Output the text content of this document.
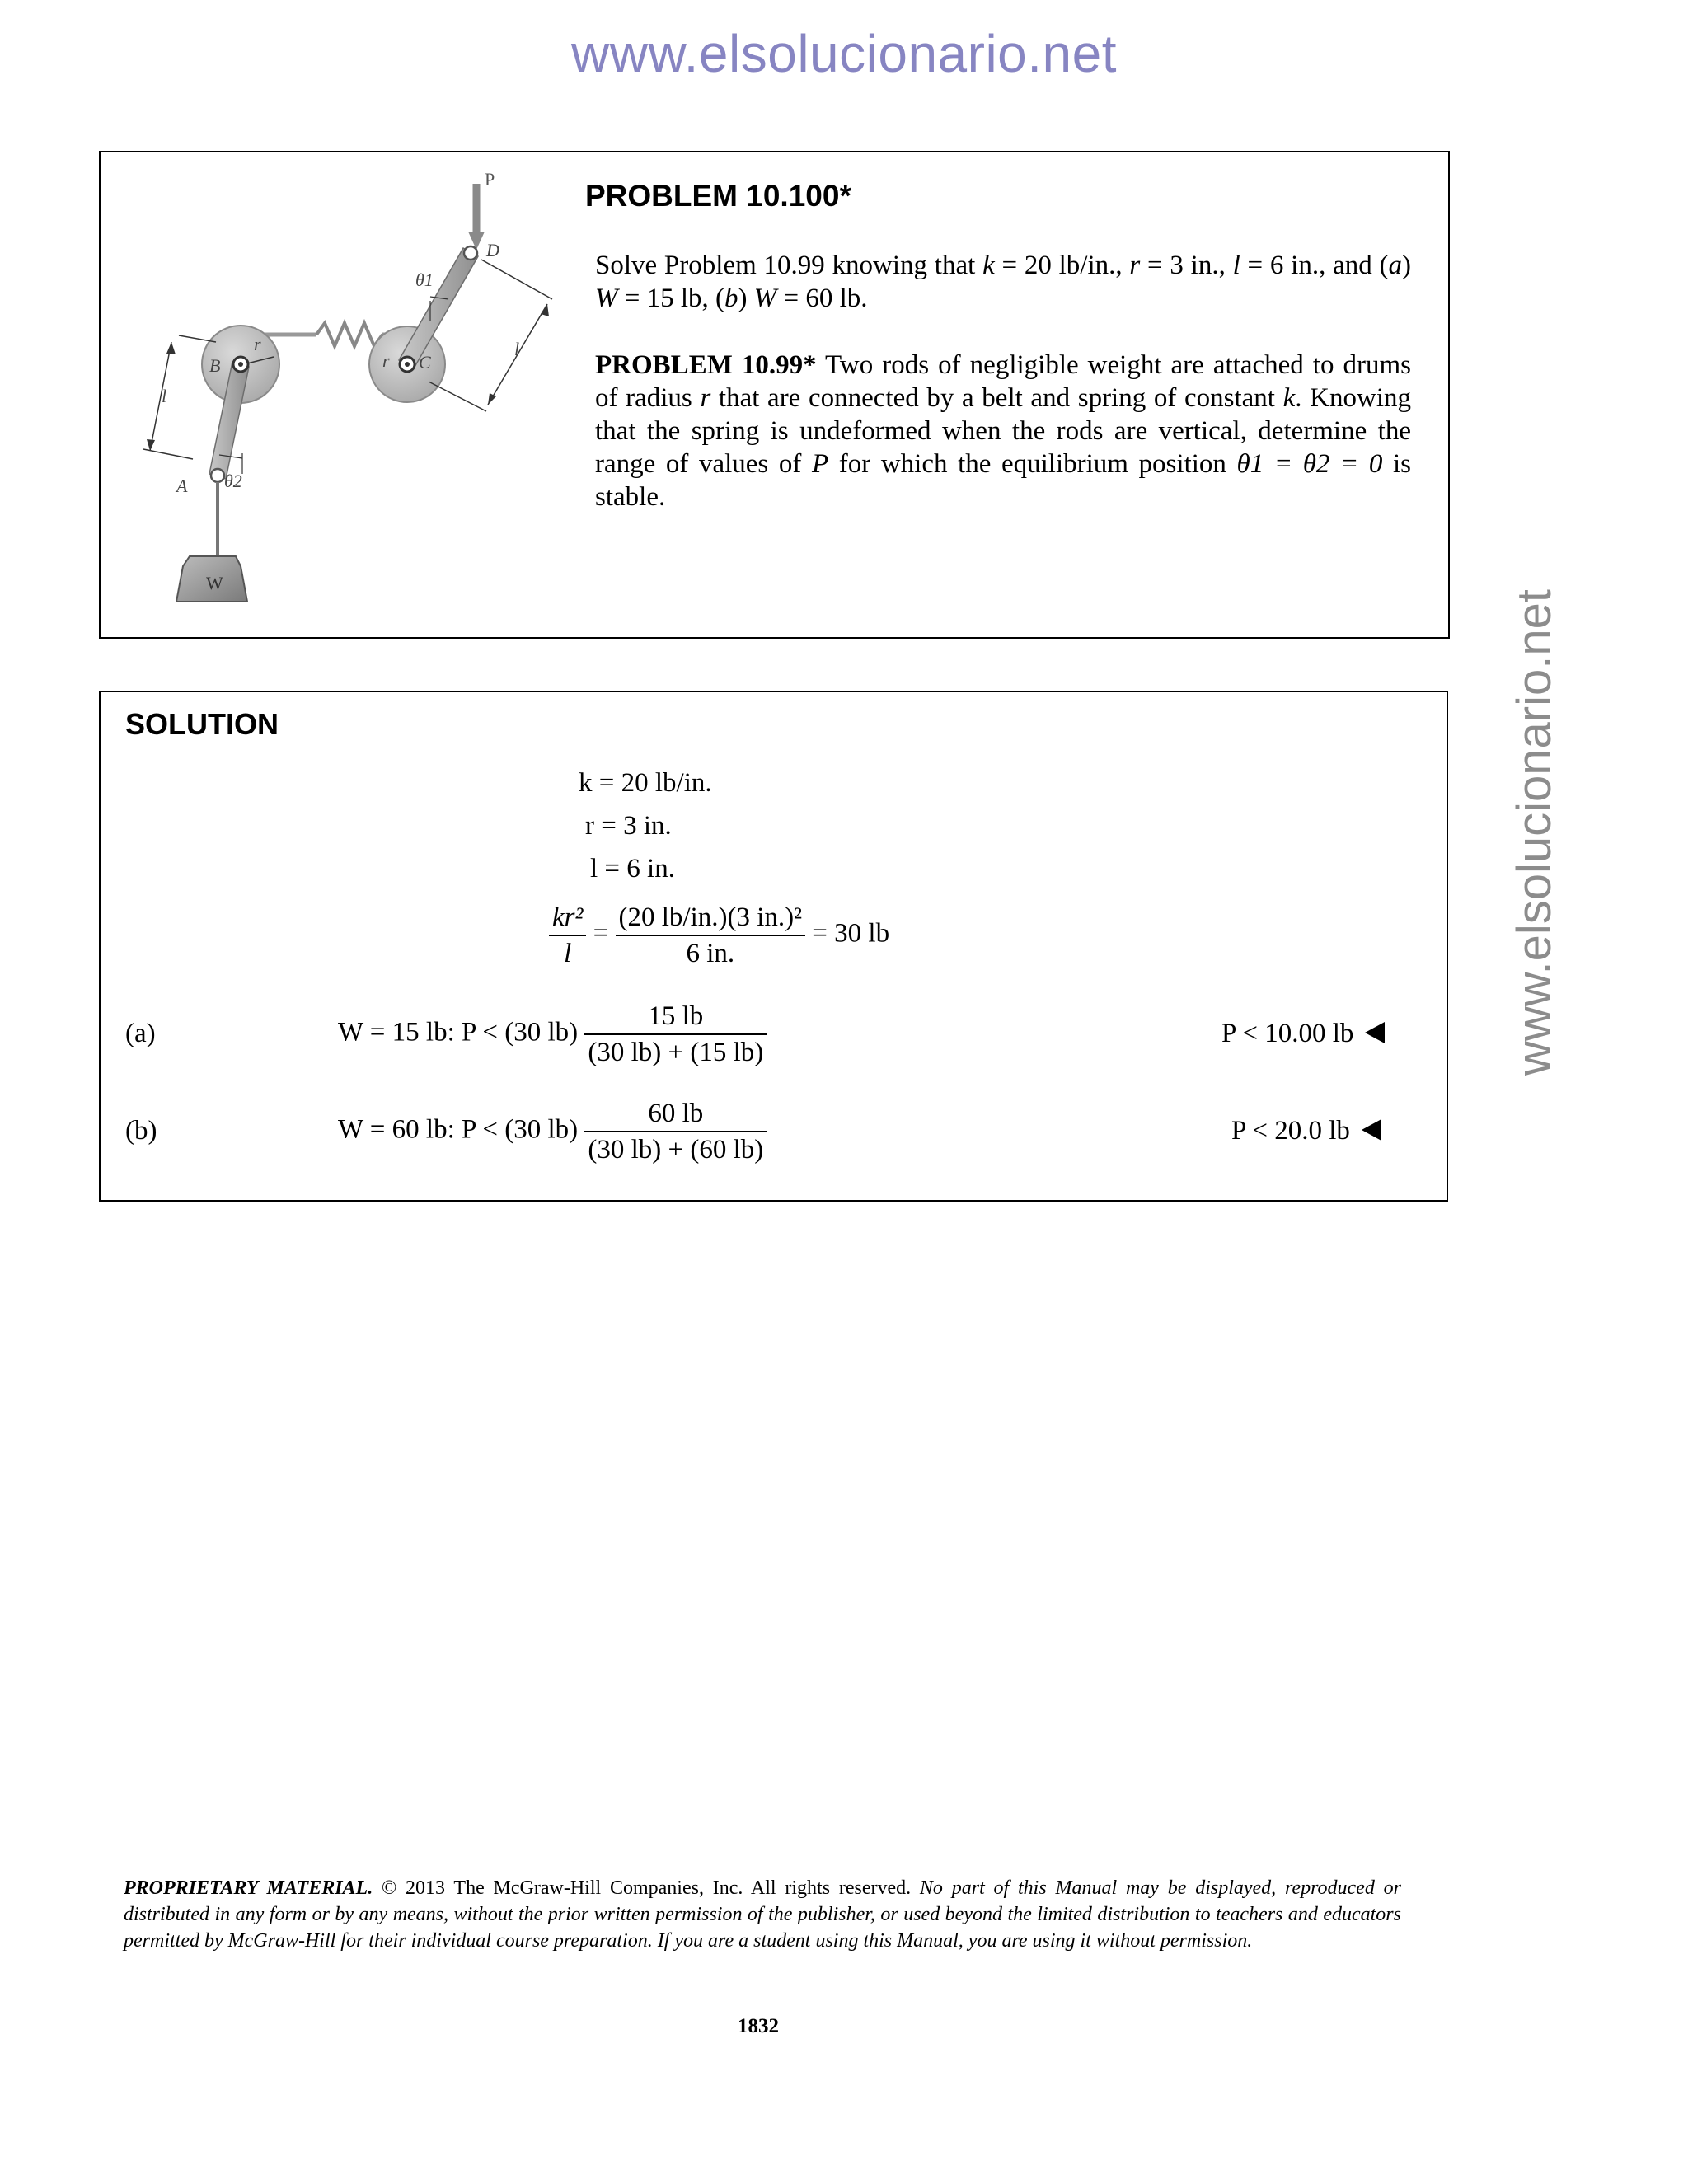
www.elsolucionario.net
www.elsolucionario.net
P
r
B
l
A θ2
W
D
r C
θ1
l
PROBLEM 10.100*
Solve Problem 10.99 knowing that k = 20 lb/in., r = 3 in., l = 6 in., and (a) W = 15 lb, (b) W = 60 lb.
PROBLEM 10.99* Two rods of negligible weight are attached to drums of radius r that are connected by a belt and spring of constant k. Knowing that the spring is undeformed when the rods are vertical, determine the range of values of P for which the equilibrium position θ1 = θ2 = 0 is stable.
SOLUTION
k = 20 lb/in.
r = 3 in.
l = 6 in.
$\frac{\text{kr²}}{l} = \frac{\text{(20 lb/in.)(3 in.)²}}{6 in.} = 30$ lb
(a)	W = 15 lb: P < (30 $lb) \frac{15 lb}{(30 lb) + (15 lb)}$	P < 10.00 lb
(b)	W = 60 lb: P < (30 $lb) \frac{60 lb}{(30 lb) + (60 lb)}$	P < 20.0 lb
PROPRIETARY MATERIAL. © 2013 The McGraw-Hill Companies, Inc. All rights reserved. No part of this Manual may be displayed, reproduced or distributed in any form or by any means, without the prior written permission of the publisher, or used beyond the limited distribution to teachers and educators permitted by McGraw-Hill for their individual course preparation. If you are a student using this Manual, you are using it without permission.
1832
